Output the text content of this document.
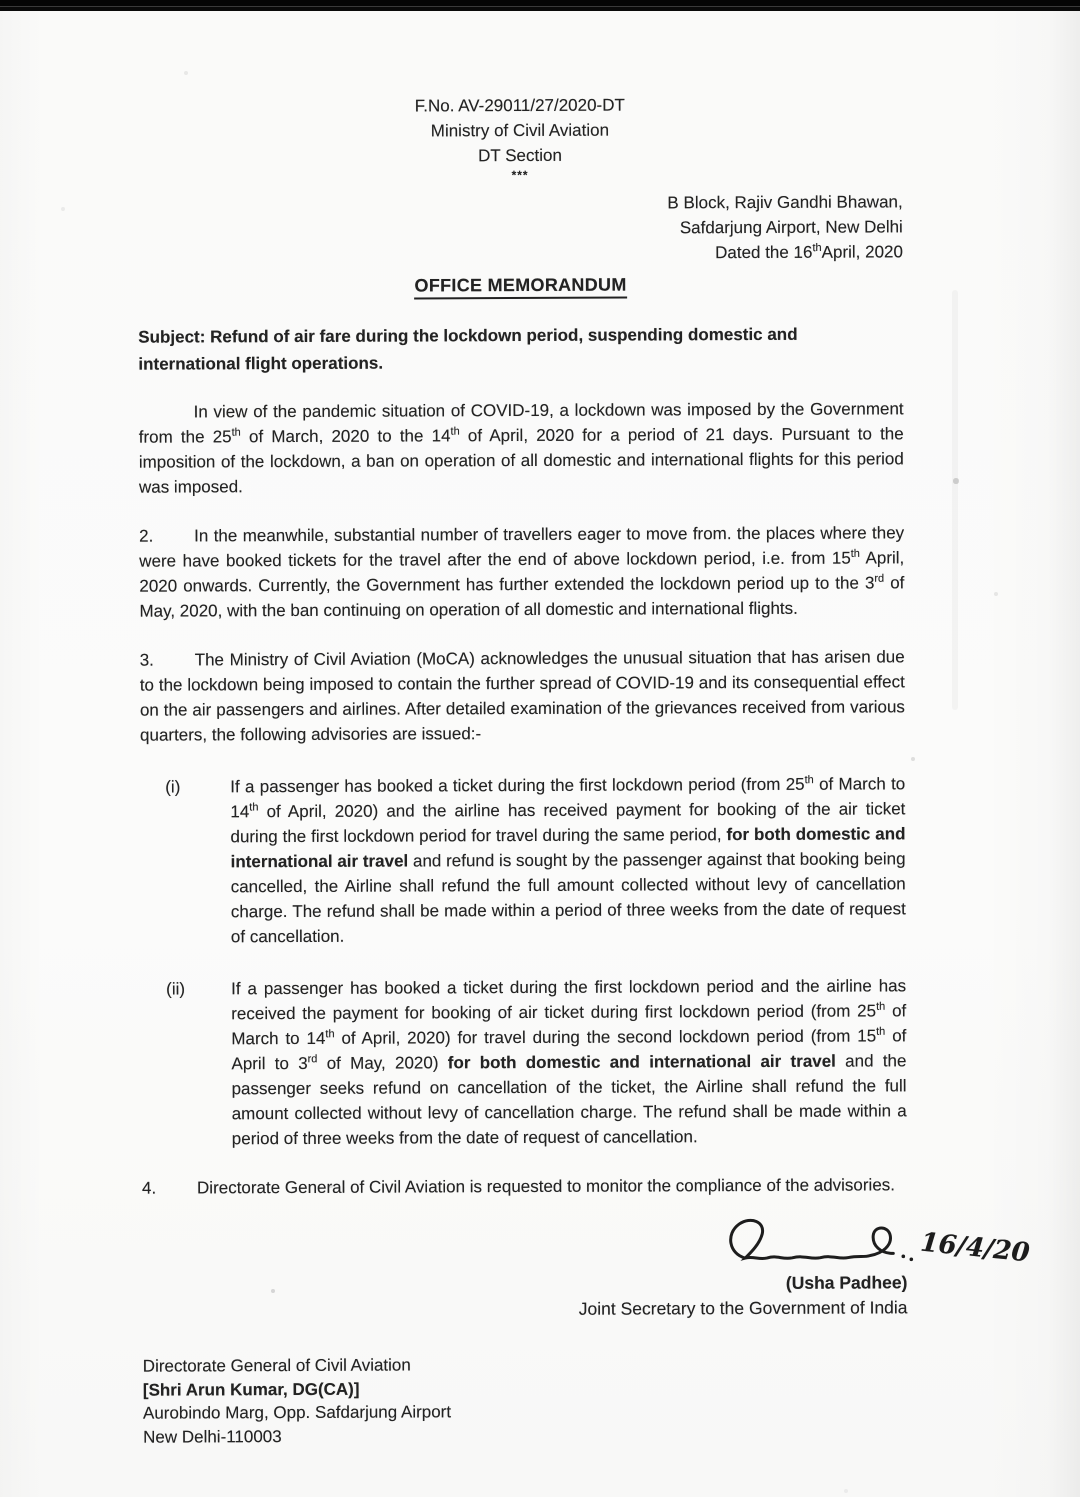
F.No. AV-29011/27/2020-DT
Ministry of Civil Aviation
DT Section
***
B Block, Rajiv Gandhi Bhawan,
Safdarjung Airport, New Delhi
Dated the 16thApril, 2020
OFFICE MEMORANDUM
Subject: Refund of air fare during the lockdown period, suspending domestic and international flight operations.
In view of the pandemic situation of COVID-19, a lockdown was imposed by the Government from the 25th of March, 2020 to the 14th of April, 2020 for a period of 21 days. Pursuant to the imposition of the lockdown, a ban on operation of all domestic and international flights for this period was imposed.
2. In the meanwhile, substantial number of travellers eager to move from. the places where they were have booked tickets for the travel after the end of above lockdown period, i.e. from 15th April, 2020 onwards. Currently, the Government has further extended the lockdown period up to the 3rd of May, 2020, with the ban continuing on operation of all domestic and international flights.
3. The Ministry of Civil Aviation (MoCA) acknowledges the unusual situation that has arisen due to the lockdown being imposed to contain the further spread of COVID-19 and its consequential effect on the air passengers and airlines. After detailed examination of the grievances received from various quarters, the following advisories are issued:-
(i)	If a passenger has booked a ticket during the first lockdown period (from 25th of March to 14th of April, 2020) and the airline has received payment for booking of the air ticket during the first lockdown period for travel during the same period, for both domestic and international air travel and refund is sought by the passenger against that booking being cancelled, the Airline shall refund the full amount collected without levy of cancellation charge. The refund shall be made within a period of three weeks from the date of request of cancellation.
(ii)	If a passenger has booked a ticket during the first lockdown period and the airline has received the payment for booking of air ticket during first lockdown period (from 25th of March to 14th of April, 2020) for travel during the second lockdown period (from 15th of April to 3rd of May, 2020) for both domestic and international air travel and the passenger seeks refund on cancellation of the ticket, the Airline shall refund the full amount collected without levy of cancellation charge. The refund shall be made within a period of three weeks from the date of request of cancellation.
4. Directorate General of Civil Aviation is requested to monitor the compliance of the advisories.
16/4/20
(Usha Padhee)
Joint Secretary to the Government of India
Directorate General of Civil Aviation
[Shri Arun Kumar, DG(CA)]
Aurobindo Marg, Opp. Safdarjung Airport
New Delhi-110003
